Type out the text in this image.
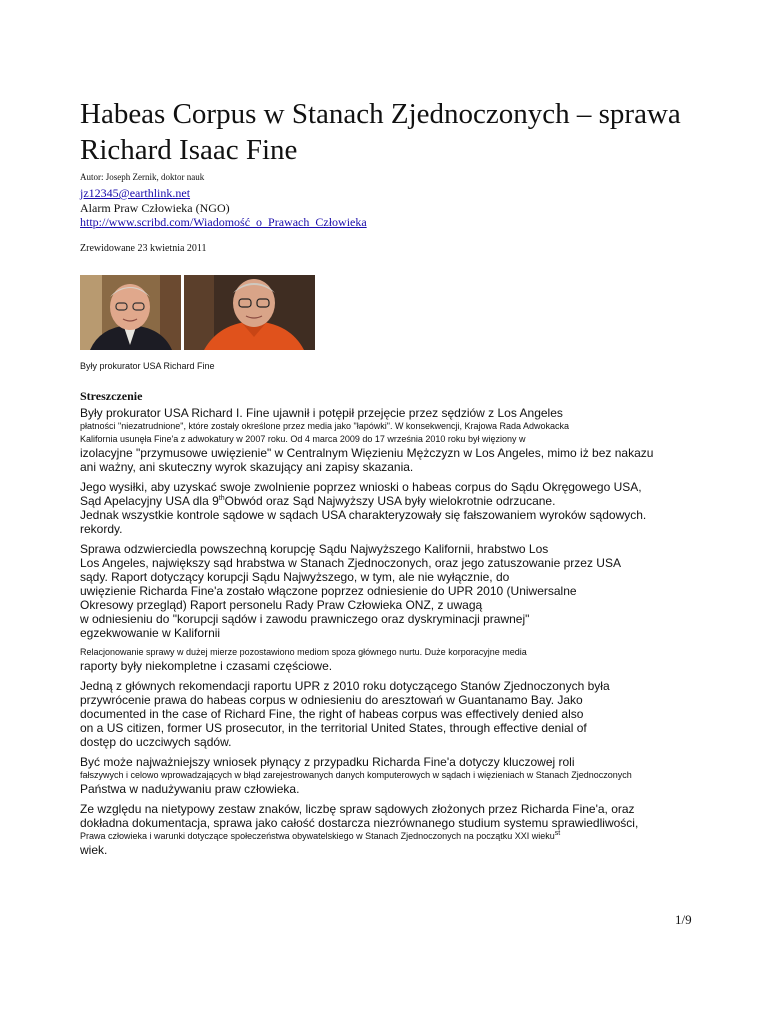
Habeas Corpus w Stanach Zjednoczonych – sprawa Richard Isaac Fine
Autor: Joseph Zernik, doktor nauk
jz12345@earthlink.net
Alarm Praw Człowieka (NGO)
http://www.scribd.com/Wiadomość_o_Prawach_Człowieka
Zrewidowane 23 kwietnia 2011
Były prokurator USA Richard Fine
Streszczenie
Były prokurator USA Richard I. Fine ujawnił i potępił przejęcie przez sędziów z Los Angeles
płatności "niezatrudnione", które zostały określone przez media jako "łapówki". W konsekwencji, Krajowa Rada Adwokacka
Kalifornia usunęła Fine'a z adwokatury w 2007 roku. Od 4 marca 2009 do 17 września 2010 roku był więziony w
izolacyjne "przymusowe uwięzienie" w Centralnym Więzieniu Mężczyzn w Los Angeles, mimo iż bez nakazu
ani ważny, ani skuteczny wyrok skazujący ani zapisy skazania.
Jego wysiłki, aby uzyskać swoje zwolnienie poprzez wnioski o habeas corpus do Sądu Okręgowego USA,
Sąd Apelacyjny USA dla 9thObwód oraz Sąd Najwyższy USA były wielokrotnie odrzucane.
Jednak wszystkie kontrole sądowe w sądach USA charakteryzowały się fałszowaniem wyroków sądowych.
rekordy.
Sprawa odzwierciedla powszechną korupcję Sądu Najwyższego Kalifornii, hrabstwo Los
Los Angeles, największy sąd hrabstwa w Stanach Zjednoczonych, oraz jego zatuszowanie przez USA
sądy. Raport dotyczący korupcji Sądu Najwyższego, w tym, ale nie wyłącznie, do
uwięzienie Richarda Fine'a zostało włączone poprzez odniesienie do UPR 2010 (Uniwersalne
Okresowy przegląd) Raport personelu Rady Praw Człowieka ONZ, z uwagą
w odniesieniu do "korupcji sądów i zawodu prawniczego oraz dyskryminacji prawnej"
egzekwowanie w Kalifornii
Relacjonowanie sprawy w dużej mierze pozostawiono mediom spoza głównego nurtu. Duże korporacyjne media
raporty były niekompletne i czasami częściowe.
Jedną z głównych rekomendacji raportu UPR z 2010 roku dotyczącego Stanów Zjednoczonych była
przywrócenie prawa do habeas corpus w odniesieniu do aresztowań w Guantanamo Bay. Jako
documented in the case of Richard Fine, the right of habeas corpus was effectively denied also
on a US citizen, former US prosecutor, in the territorial United States, through effective denial of
dostęp do uczciwych sądów.
Być może najważniejszy wniosek płynący z przypadku Richarda Fine'a dotyczy kluczowej roli
fałszywych i celowo wprowadzających w błąd zarejestrowanych danych komputerowych w sądach i więzieniach w Stanach Zjednoczonych
Państwa w nadużywaniu praw człowieka.
Ze względu na nietypowy zestaw znaków, liczbę spraw sądowych złożonych przez Richarda Fine'a, oraz
dokładna dokumentacja, sprawa jako całość dostarcza niezrównanego studium systemu sprawiedliwości,
Prawa człowieka i warunki dotyczące społeczeństwa obywatelskiego w Stanach Zjednoczonych na początku XXI wieku$^{st}$
wiek.
1/9
